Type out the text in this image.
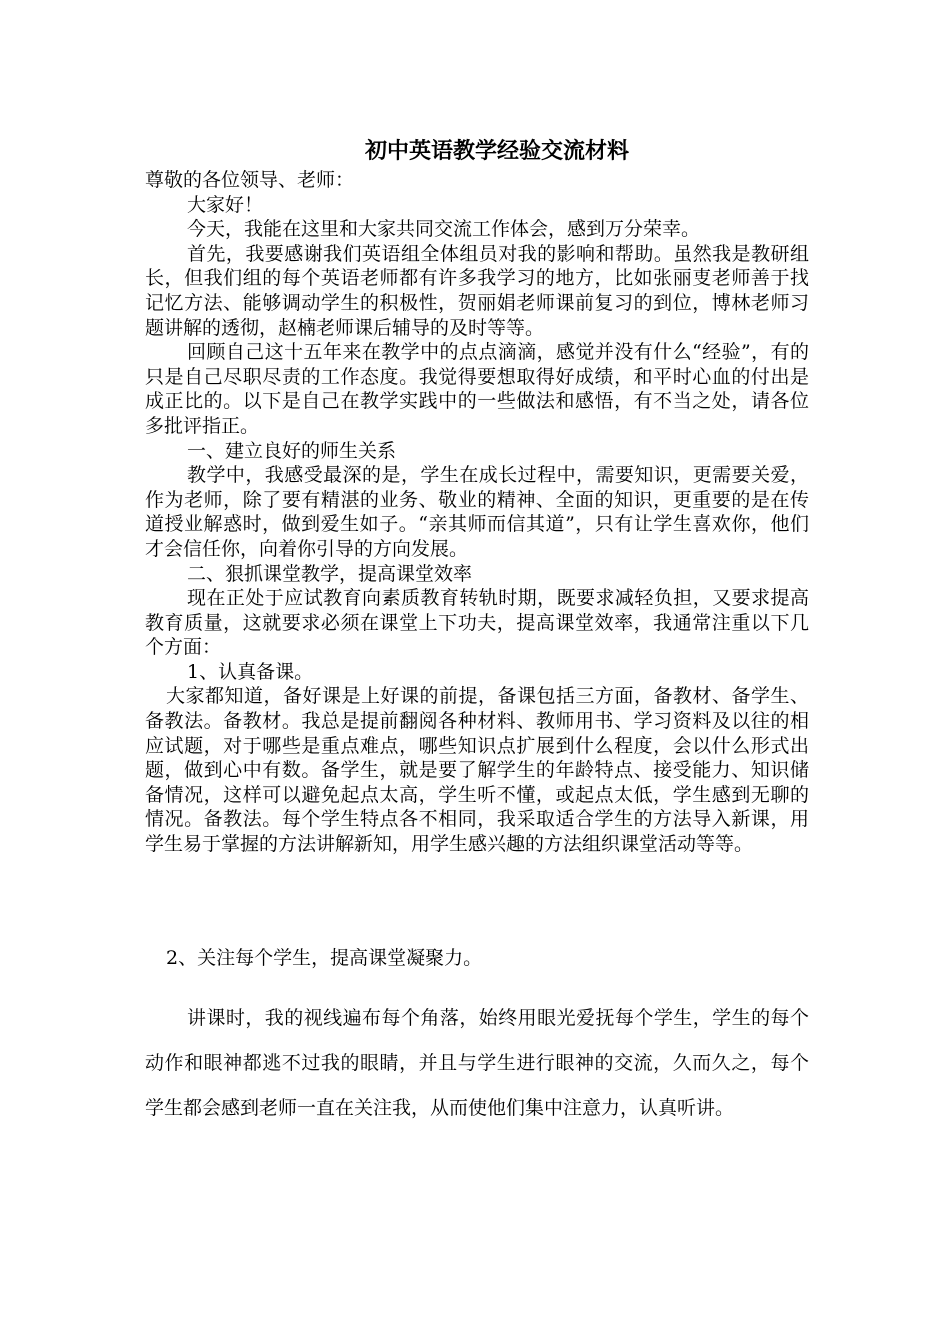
初中英语教学经验交流材料

尊敬的各位领导、老师：

大家好！

今天，我能在这里和大家共同交流工作体会，感到万分荣幸。

首先，我要感谢我们英语组全体组员对我的影响和帮助。虽然我是教研组长，但我们组的每个英语老师都有许多我学习的地方，比如张丽叓老师善于找记忆方法、能够调动学生的积极性，贺丽娟老师课前复习的到位，博林老师习题讲解的透彻，赵楠老师课后辅导的及时等等。

回顾自己这十五年来在教学中的点点滴滴，感觉并没有什么“经验”，有的只是自己尽职尽责的工作态度。我觉得要想取得好成绩，和平时心血的付出是成正比的。以下是自己在教学实践中的一些做法和感悟，有不当之处，请各位多批评指正。

一、建立良好的师生关系

教学中，我感受最深的是，学生在成长过程中，需要知识，更需要关爱，作为老师，除了要有精湛的业务、敬业的精神、全面的知识，更重要的是在传道授业解惑时，做到爱生如子。“亲其师而信其道”，只有让学生喜欢你，他们才会信任你，向着你引导的方向发展。

二、狠抓课堂教学，提高课堂效率

现在正处于应试教育向素质教育转轨时期，既要求减轻负担，又要求提高教育质量，这就要求必须在课堂上下功夫，提高课堂效率，我通常注重以下几个方面：

1、认真备课。

大家都知道，备好课是上好课的前提，备课包括三方面，备教材、备学生、备教法。备教材。我总是提前翻阅各种材料、教师用书、学习资料及以往的相应试题，对于哪些是重点难点，哪些知识点扩展到什么程度，会以什么形式出题，做到心中有数。备学生，就是要了解学生的年龄特点、接受能力、知识储备情况，这样可以避免起点太高，学生听不懂，或起点太低，学生感到无聊的情况。备教法。每个学生特点各不相同，我采取适合学生的方法导入新课，用学生易于掌握的方法讲解新知，用学生感兴趣的方法组织课堂活动等等。

2、关注每个学生，提高课堂凝聚力。

讲课时，我的视线遍布每个角落，始终用眼光爱抚每个学生，学生的每个动作和眼神都逃不过我的眼睛，并且与学生进行眼神的交流，久而久之，每个学生都会感到老师一直在关注我，从而使他们集中注意力，认真听讲。
